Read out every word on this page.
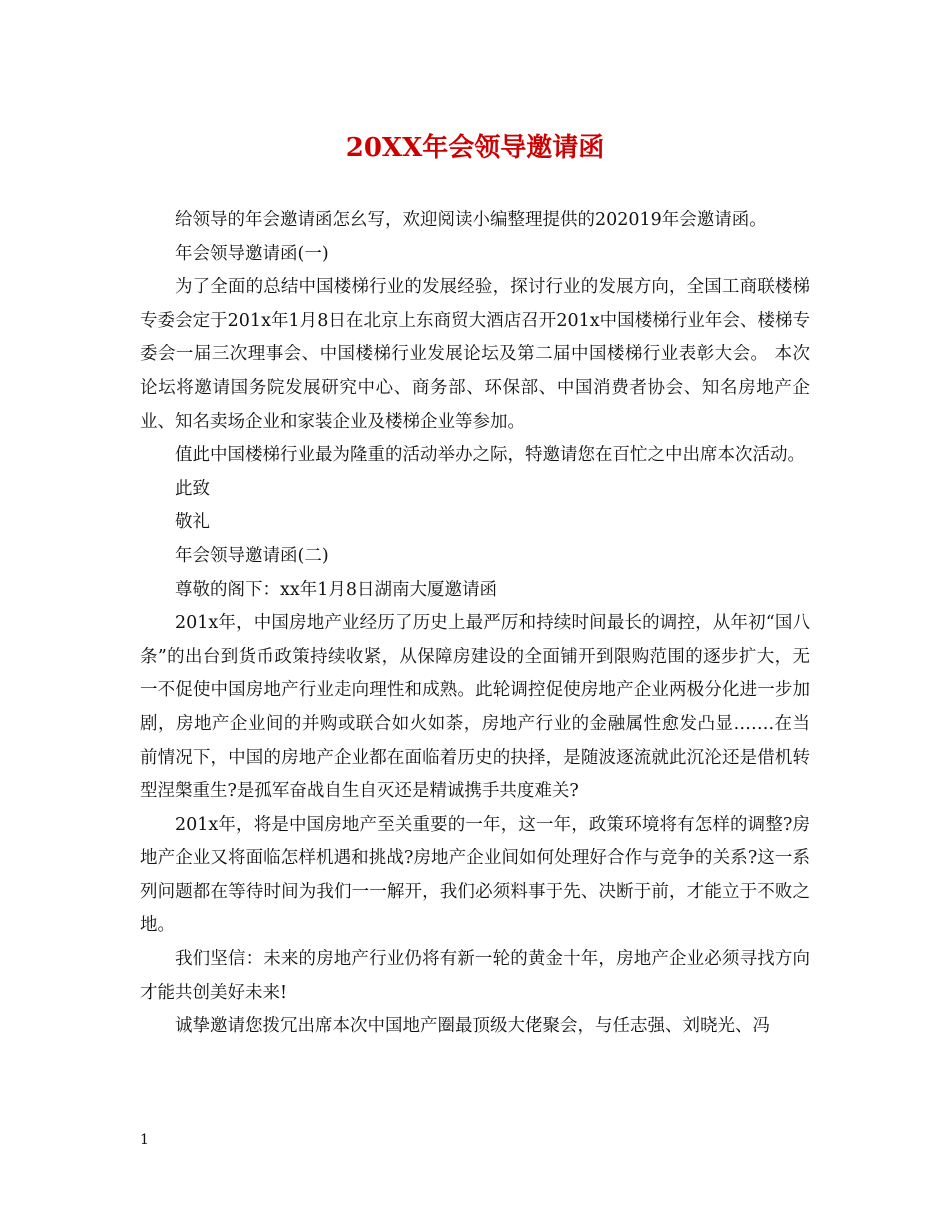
20XX年会领导邀请函

给领导的年会邀请函怎幺写，欢迎阅读小编整理提供的202019年会邀请函。

年会领导邀请函(一)

为了全面的总结中国楼梯行业的发展经验，探讨行业的发展方向，全国工商联楼梯专委会定于201x年1月8日在北京上东商贸大酒店召开201x中国楼梯行业年会、楼梯专委会一届三次理事会、中国楼梯行业发展论坛及第二届中国楼梯行业表彰大会。 本次论坛将邀请国务院发展研究中心、商务部、环保部、中国消费者协会、知名房地产企业、知名卖场企业和家装企业及楼梯企业等参加。

值此中国楼梯行业最为隆重的活动举办之际，特邀请您在百忙之中出席本次活动。

此致

敬礼

年会领导邀请函(二)

尊敬的阁下：xx年1月8日湖南大厦邀请函

201x年，中国房地产业经历了历史上最严厉和持续时间最长的调控，从年初“国八条”的出台到货币政策持续收紧，从保障房建设的全面铺开到限购范围的逐步扩大，无一不促使中国房地产行业走向理性和成熟。此轮调控促使房地产企业两极分化进一步加剧，房地产企业间的并购或联合如火如荼，房地产行业的金融属性愈发凸显…….在当前情况下，中国的房地产企业都在面临着历史的抉择，是随波逐流就此沉沦还是借机转型涅槃重生?是孤军奋战自生自灭还是精诚携手共度难关?

201x年，将是中国房地产至关重要的一年，这一年，政策环境将有怎样的调整?房地产企业又将面临怎样机遇和挑战?房地产企业间如何处理好合作与竞争的关系?这一系列问题都在等待时间为我们一一解开，我们必须料事于先、决断于前，才能立于不败之地。

我们坚信：未来的房地产行业仍将有新一轮的黄金十年，房地产企业必须寻找方向才能共创美好未来!

诚挚邀请您拨冗出席本次中国地产圈最顶级大佬聚会，与任志强、刘晓光、冯

1
